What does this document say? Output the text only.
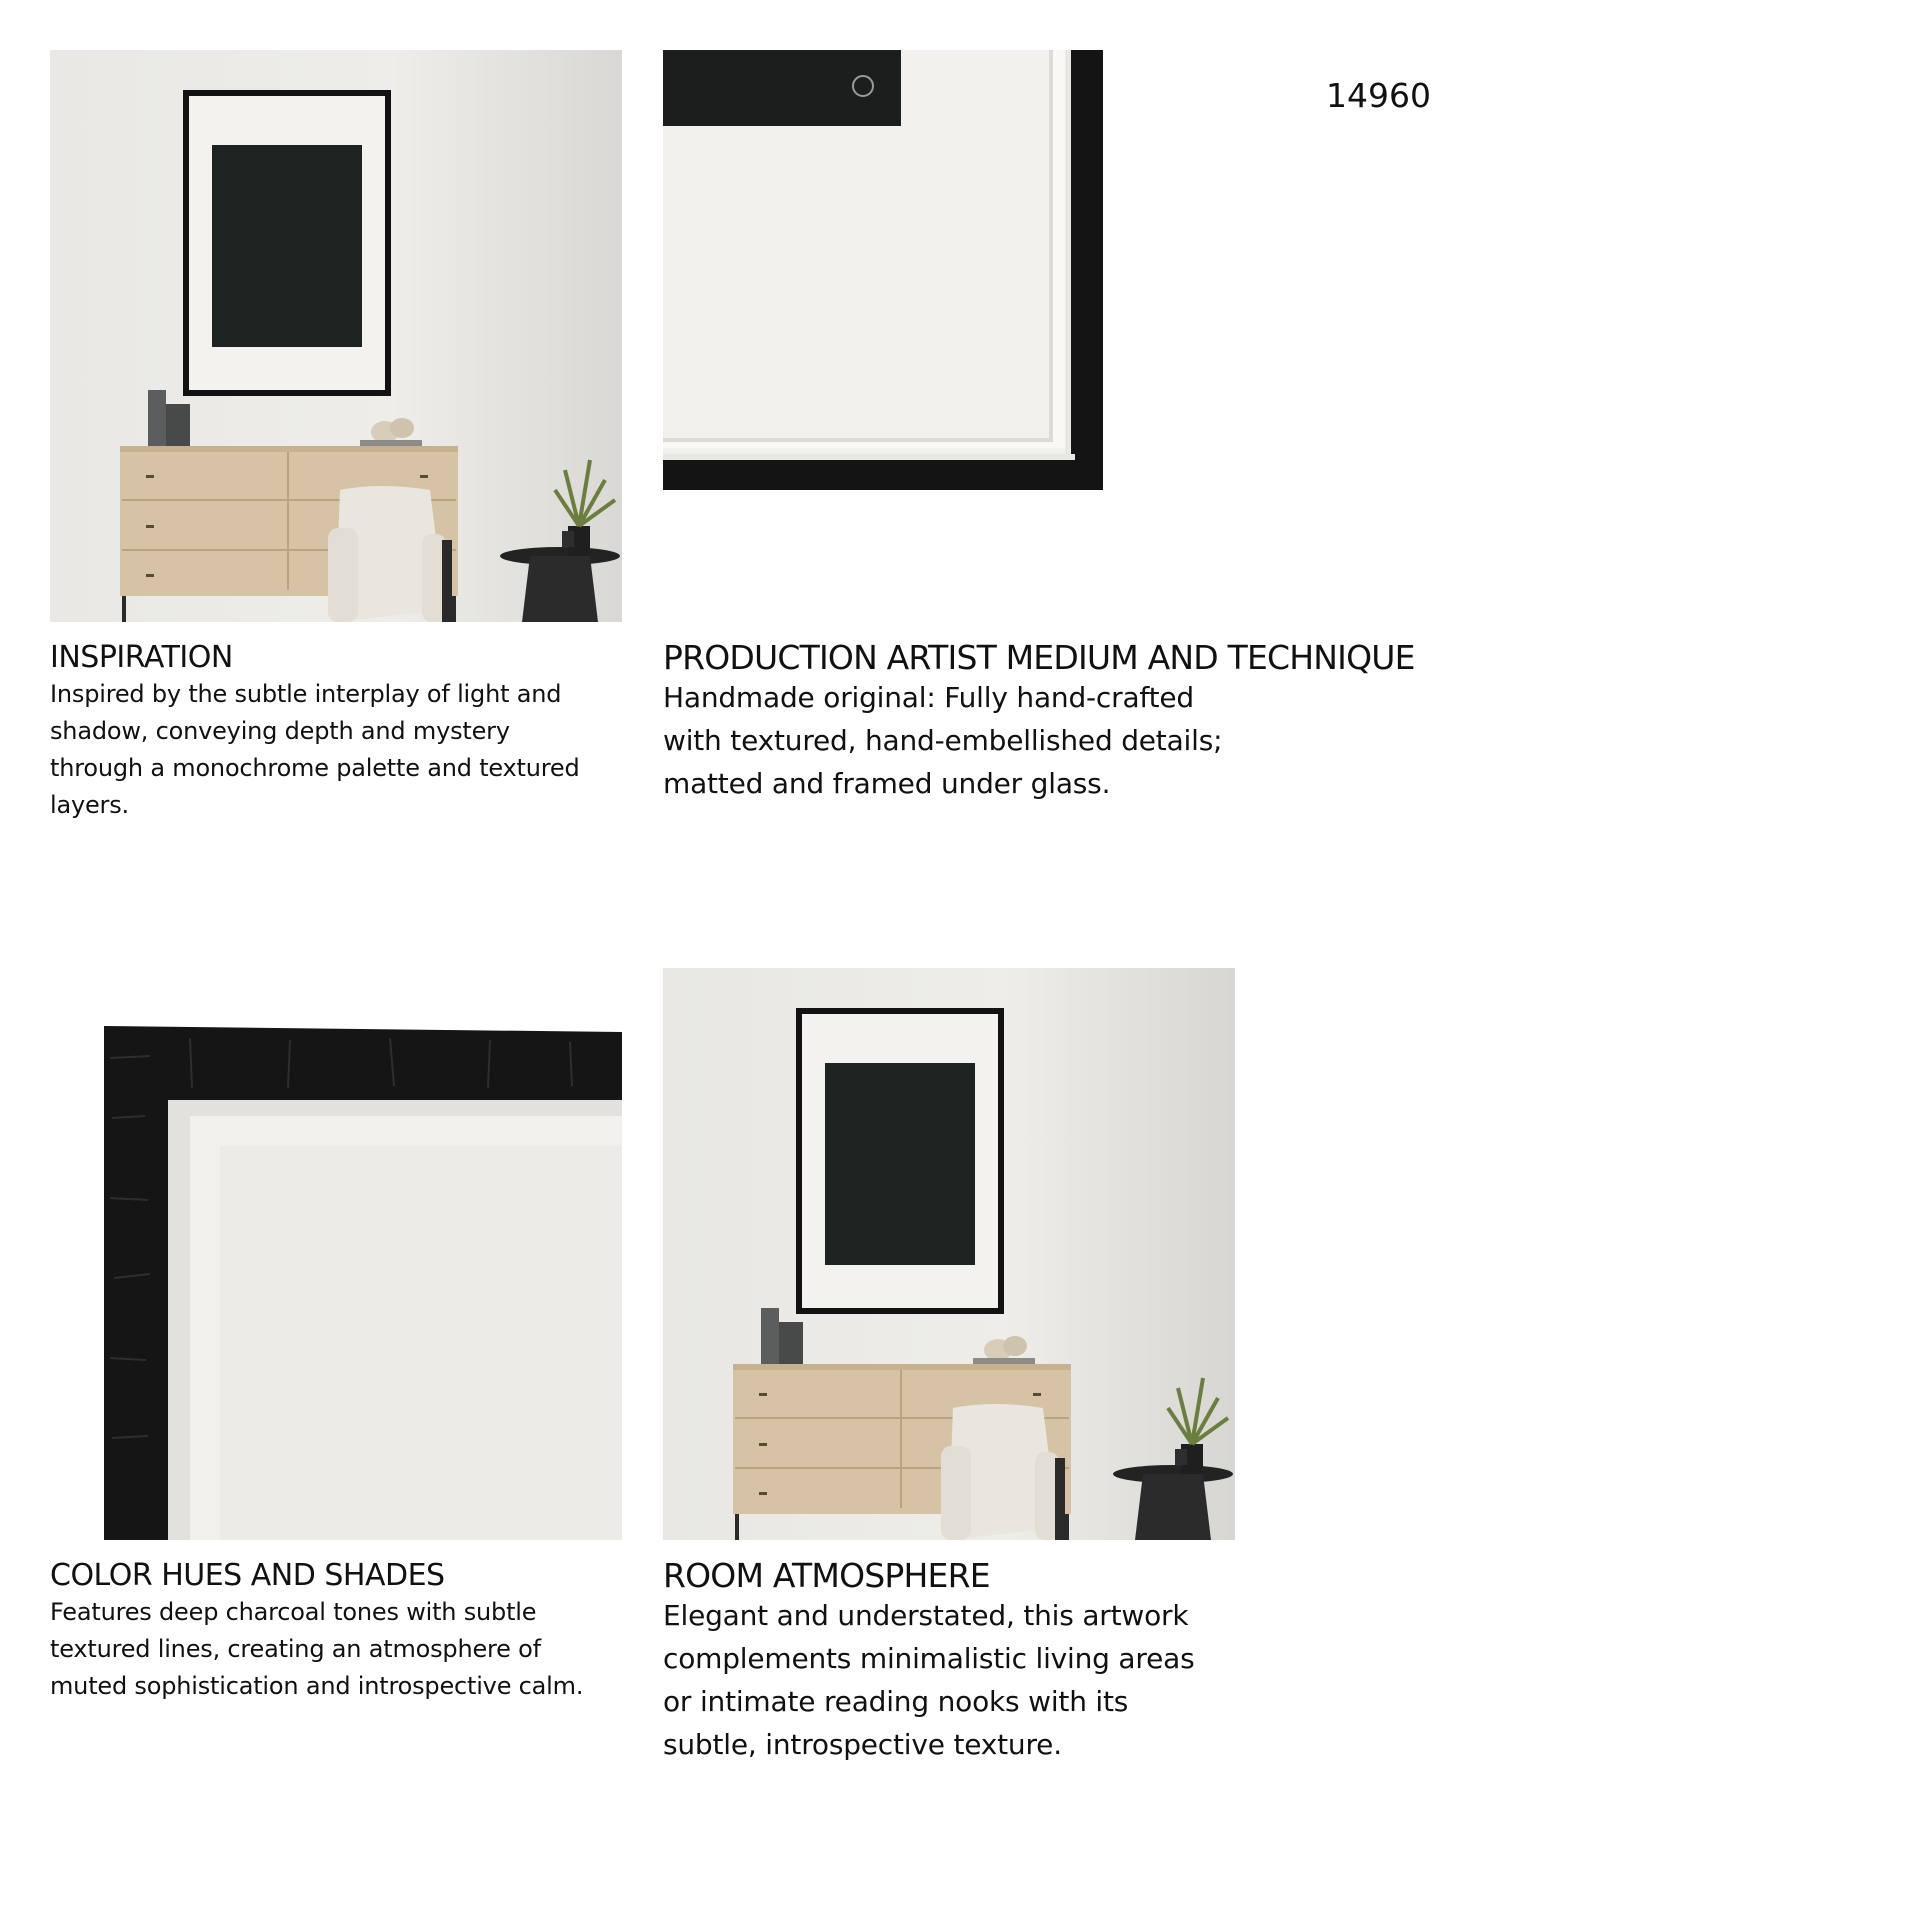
14960
INSPIRATION
Inspired by the subtle interplay of light and
shadow, conveying depth and mystery
through a monochrome palette and textured
layers.
PRODUCTION ARTIST MEDIUM AND TECHNIQUE
Handmade original: Fully hand-crafted
with textured, hand-embellished details;
matted and framed under glass.
COLOR HUES AND SHADES
Features deep charcoal tones with subtle
textured lines, creating an atmosphere of
muted sophistication and introspective calm.
ROOM ATMOSPHERE
Elegant and understated, this artwork
complements minimalistic living areas
or intimate reading nooks with its
subtle, introspective texture.
